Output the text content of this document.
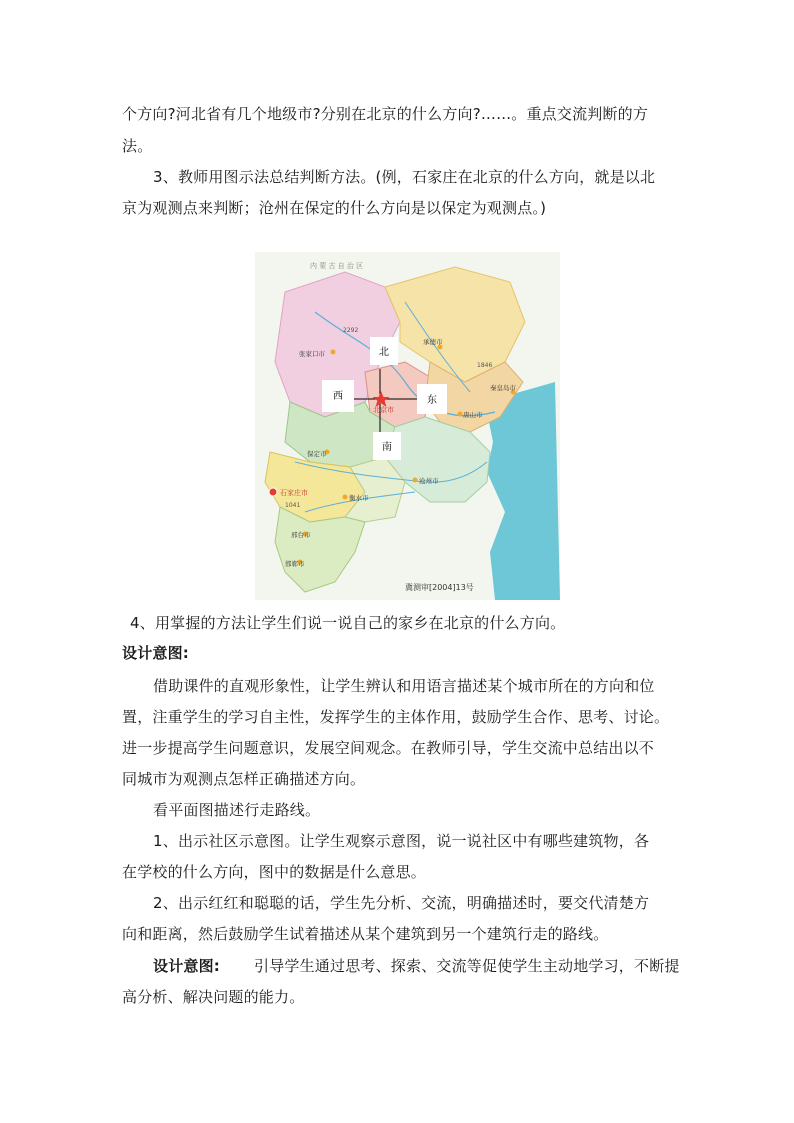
个方向?河北省有几个地级市?分别在北京的什么方向?……。重点交流判断的方
法。
3、教师用图示法总结判断方法。(例，石家庄在北京的什么方向，就是以北
京为观测点来判断；沧州在保定的什么方向是以保定为观测点。)
内 蒙 古 自 治 区
北
西	东
南
北京市
张家口市
2292
承德市
1846
秦皇岛市
唐山市
保定市
沧州市
石家庄市
1041
衡水市
邢台市
邯郸市
冀测审[2004]13号
4、用掌握的方法让学生们说一说自己的家乡在北京的什么方向。
设计意图:
借助课件的直观形象性，让学生辨认和用语言描述某个城市所在的方向和位
置，注重学生的学习自主性，发挥学生的主体作用，鼓励学生合作、思考、讨论。
进一步提高学生问题意识，发展空间观念。在教师引导，学生交流中总结出以不
同城市为观测点怎样正确描述方向。
看平面图描述行走路线。
1、出示社区示意图。让学生观察示意图，说一说社区中有哪些建筑物，各
在学校的什么方向，图中的数据是什么意思。
2、出示红红和聪聪的话，学生先分析、交流，明确描述时，要交代清楚方
向和距离，然后鼓励学生试着描述从某个建筑到另一个建筑行走的路线。
设计意图: 引导学生通过思考、探索、交流等促使学生主动地学习，不断提
高分析、解决问题的能力。
